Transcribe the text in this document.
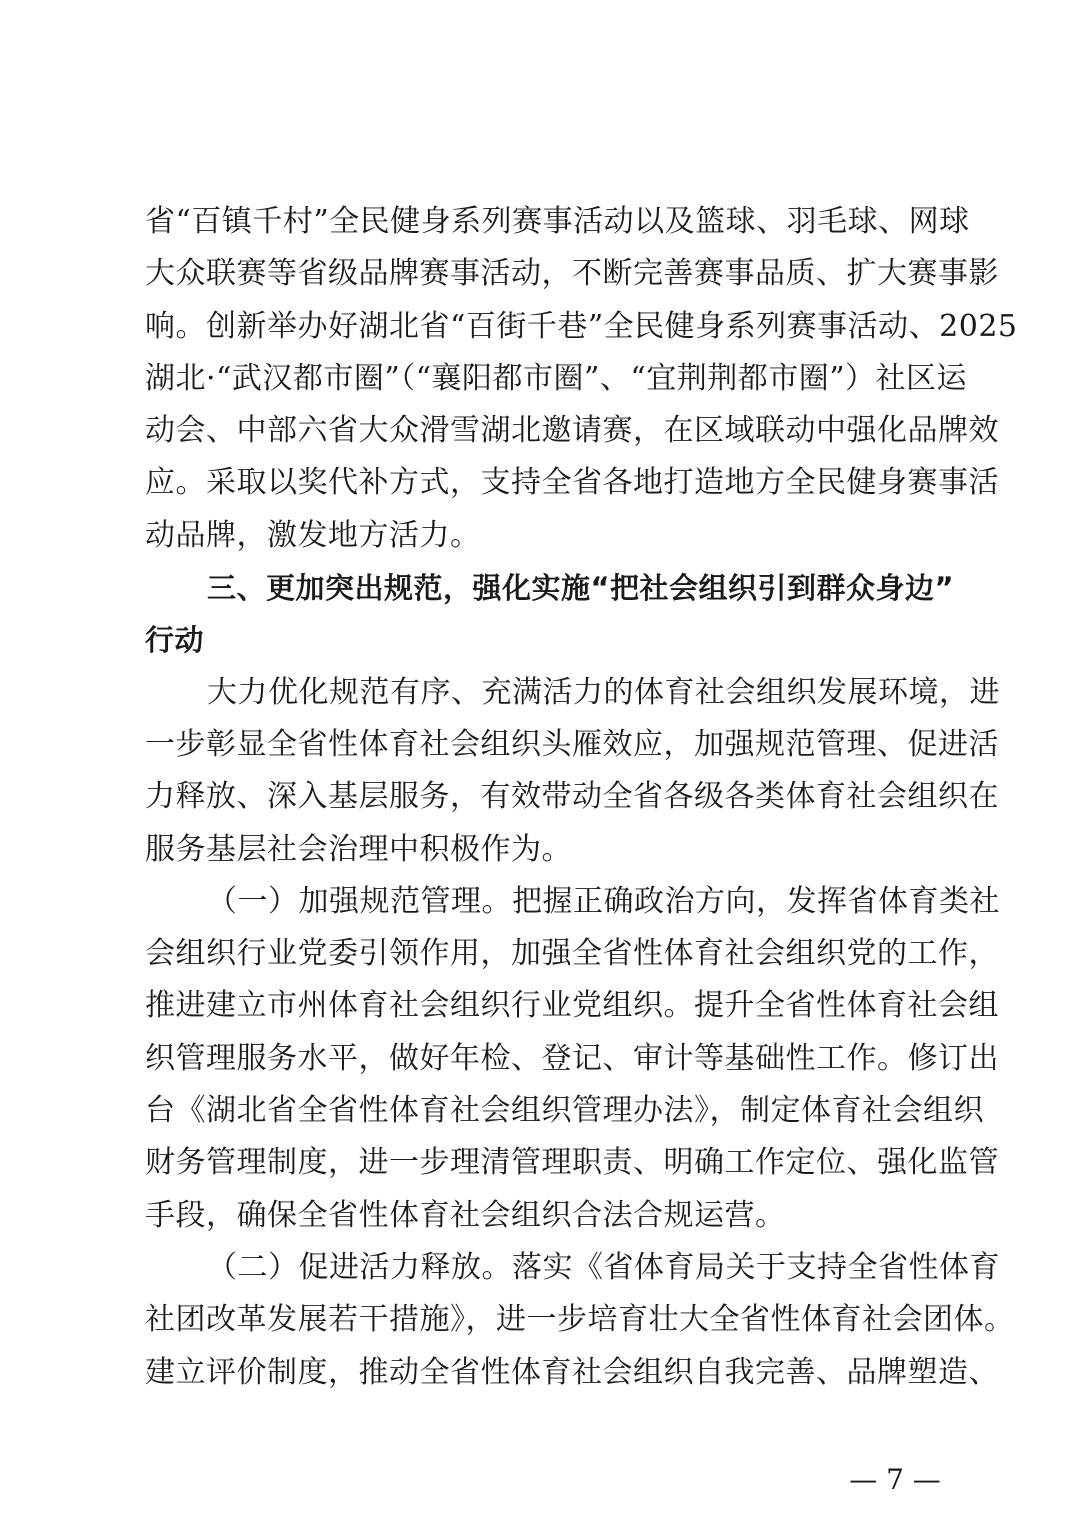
省“百镇千村”全民健身系列赛事活动以及篮球、羽毛球、网球
大众联赛等省级品牌赛事活动，不断完善赛事品质、扩大赛事影
响。创新举办好湖北省“百街千巷”全民健身系列赛事活动、2025
湖北·“武汉都市圈”（“襄阳都市圈”、“宜荆荆都市圈”）社区运
动会、中部六省大众滑雪湖北邀请赛，在区域联动中强化品牌效
应。采取以奖代补方式，支持全省各地打造地方全民健身赛事活
动品牌，激发地方活力。
三、更加突出规范，强化实施“把社会组织引到群众身边”
行动
大力优化规范有序、充满活力的体育社会组织发展环境，进
一步彰显全省性体育社会组织头雁效应，加强规范管理、促进活
力释放、深入基层服务，有效带动全省各级各类体育社会组织在
服务基层社会治理中积极作为。
（一）加强规范管理。把握正确政治方向，发挥省体育类社
会组织行业党委引领作用，加强全省性体育社会组织党的工作，
推进建立市州体育社会组织行业党组织。提升全省性体育社会组
织管理服务水平，做好年检、登记、审计等基础性工作。修订出
台《湖北省全省性体育社会组织管理办法》，制定体育社会组织
财务管理制度，进一步理清管理职责、明确工作定位、强化监管
手段，确保全省性体育社会组织合法合规运营。
（二）促进活力释放。落实《省体育局关于支持全省性体育
社团改革发展若干措施》，进一步培育壮大全省性体育社会团体。
建立评价制度，推动全省性体育社会组织自我完善、品牌塑造、
— 7 —
